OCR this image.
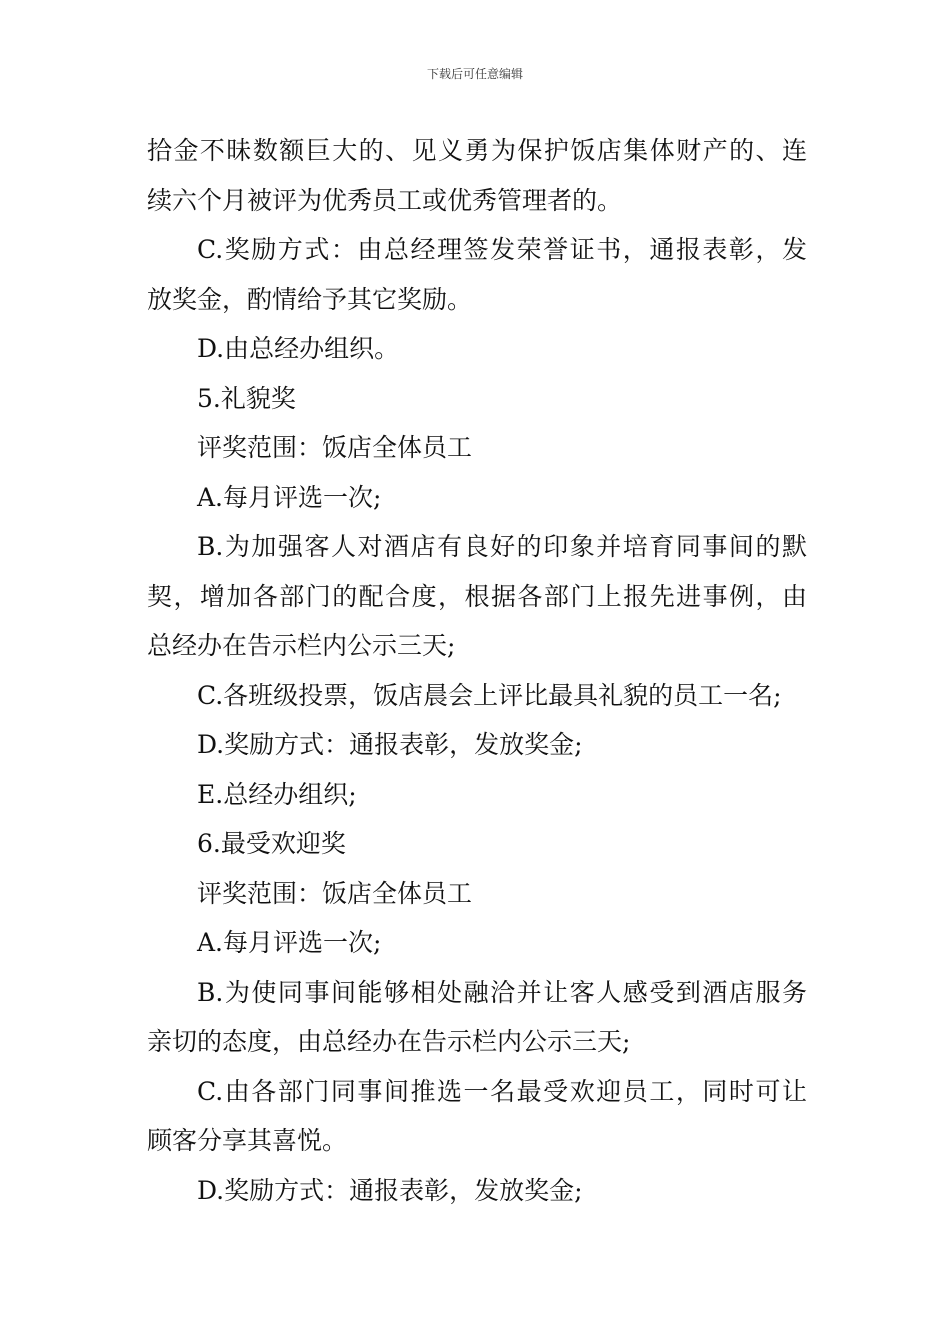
下载后可任意编辑

拾金不昧数额巨大的、见义勇为保护饭店集体财产的、连

续六个月被评为优秀员工或优秀管理者的。

C.奖励方式：由总经理签发荣誉证书，通报表彰，发

放奖金，酌情给予其它奖励。

D.由总经办组织。

5.礼貌奖

评奖范围：饭店全体员工

A.每月评选一次;

B.为加强客人对酒店有良好的印象并培育同事间的默

契，增加各部门的配合度，根据各部门上报先进事例，由

总经办在告示栏内公示三天;

C.各班级投票，饭店晨会上评比最具礼貌的员工一名;

D.奖励方式：通报表彰，发放奖金;

E.总经办组织;

6.最受欢迎奖

评奖范围：饭店全体员工

A.每月评选一次;

B.为使同事间能够相处融洽并让客人感受到酒店服务

亲切的态度，由总经办在告示栏内公示三天;

C.由各部门同事间推选一名最受欢迎员工，同时可让

顾客分享其喜悦。

D.奖励方式：通报表彰，发放奖金;
